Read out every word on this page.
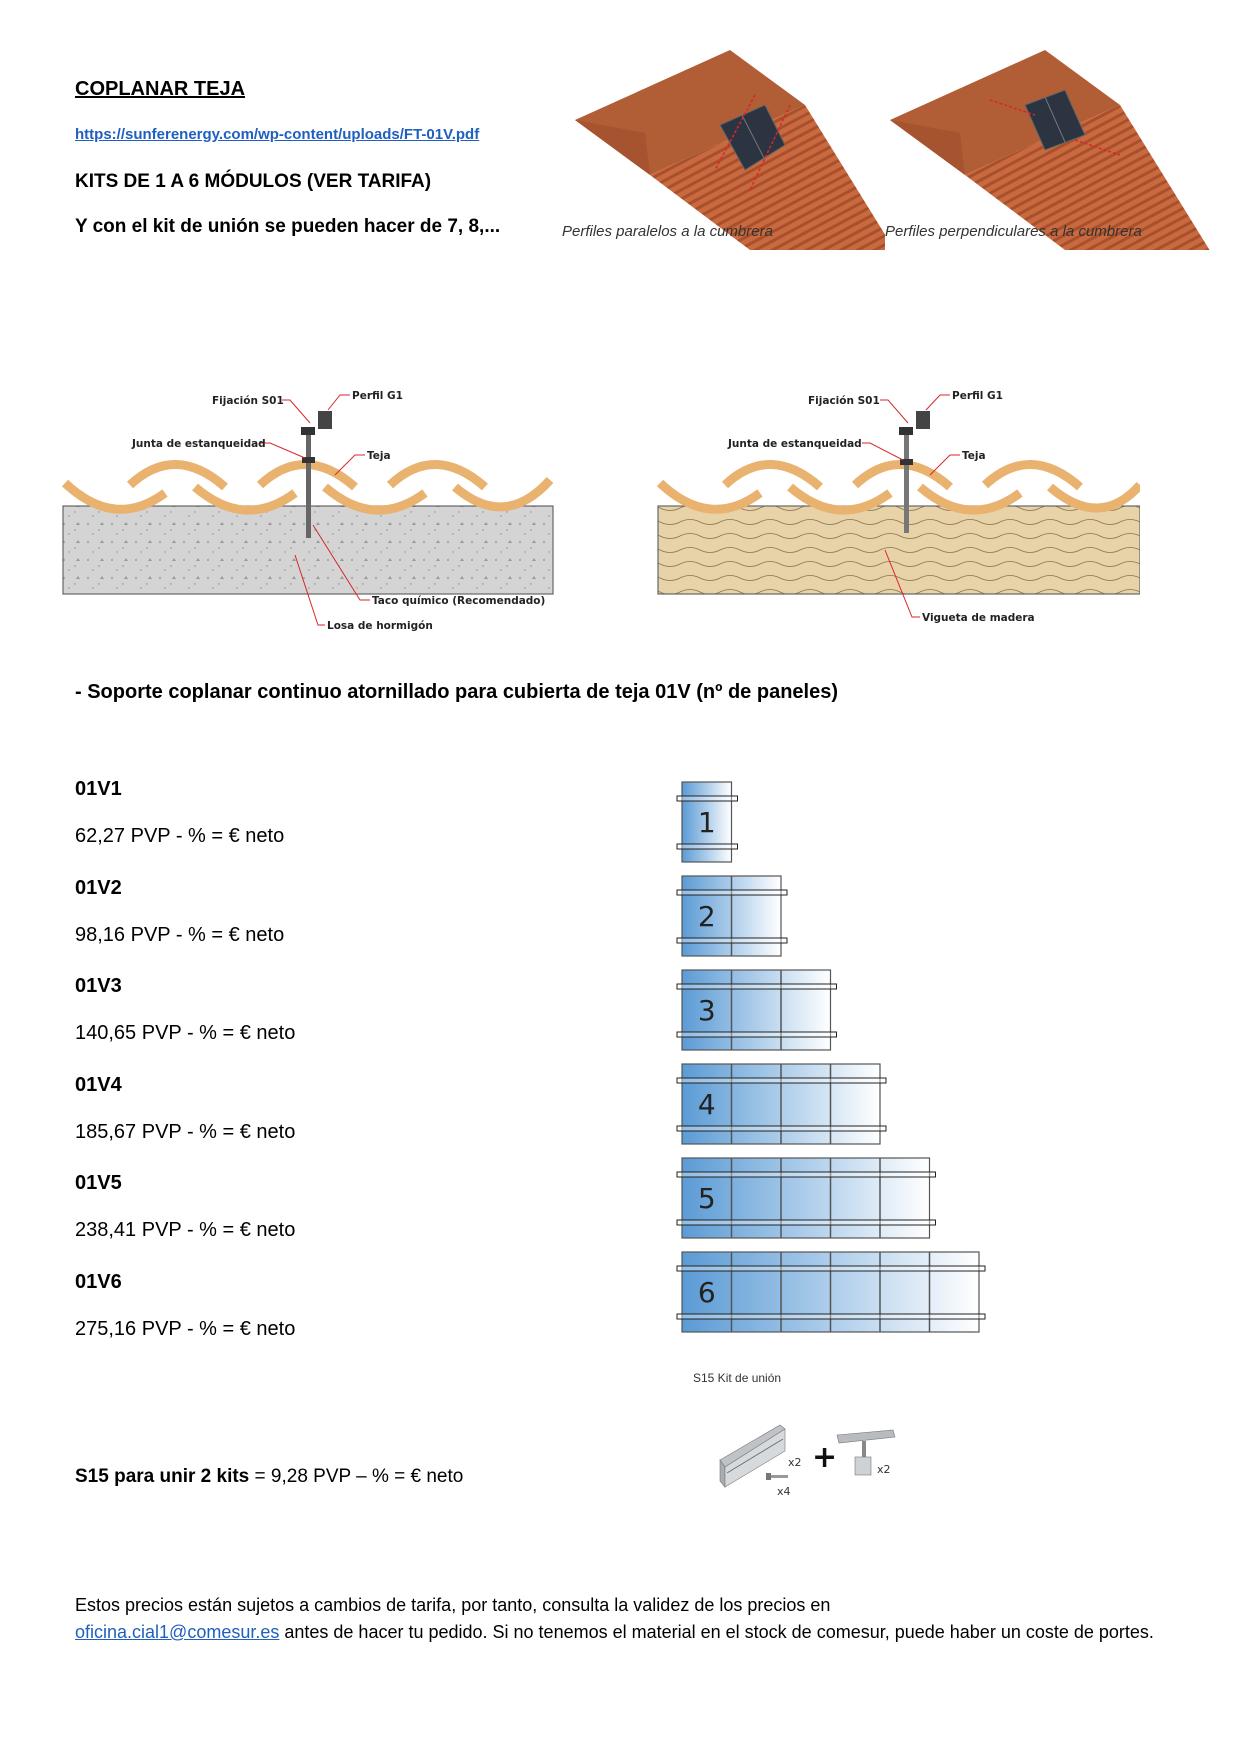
COPLANAR TEJA
https://sunferenergy.com/wp-content/uploads/FT-01V.pdf
KITS DE 1 A 6 MÓDULOS (VER TARIFA)
Y con el kit de unión se pueden hacer de 7, 8,...	Perfiles paralelos a la cumbrera	Perfiles perpendiculares a la cumbrera
Perfil G1
Fijación S01
Junta de estanqueidad
Teja
Taco químico (Recomendado)
Losa de hormigón
Perfil G1
Fijación S01
Junta de estanqueidad
Teja
Vigueta de madera
- Soporte coplanar continuo atornillado para cubierta de teja 01V (nº de paneles)
01V1
62,27 PVP - % = € neto
01V2
98,16 PVP - % = € neto
01V3
140,65 PVP - % = € neto
01V4
185,67 PVP - % = € neto
01V5
238,41 PVP - % = € neto
01V6
275,16 PVP - % = € neto
1
2
3
4
5
6
S15 Kit de unión
x2 +	x2
x4
S15 para unir 2 kits = 9,28 PVP – % = € neto
Estos precios están sujetos a cambios de tarifa, por tanto, consulta la validez de los precios en
oficina.cial1@comesur.es antes de hacer tu pedido. Si no tenemos el material en el stock de comesur, puede haber un coste de portes.
